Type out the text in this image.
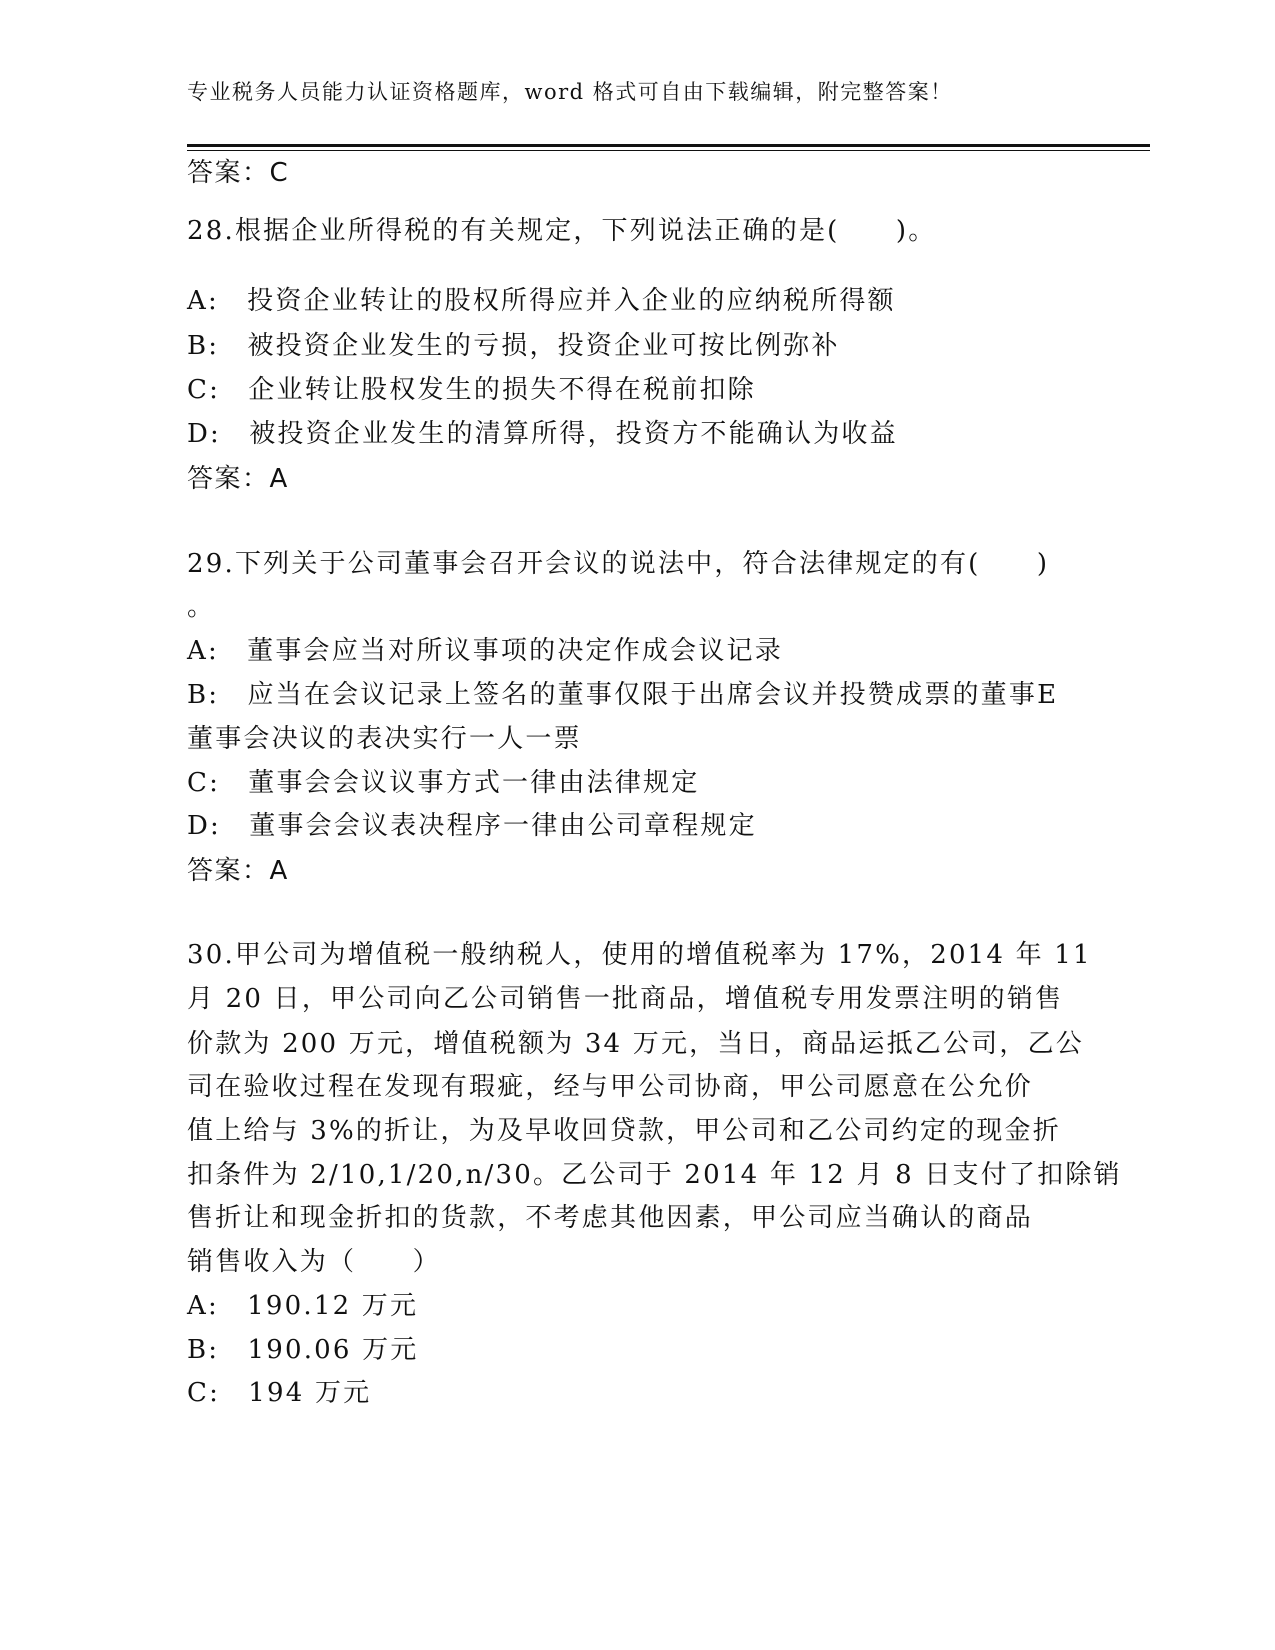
专业税务人员能力认证资格题库，word 格式可自由下载编辑，附完整答案！
答案：C
28.根据企业所得税的有关规定，下列说法正确的是(　　)。
A:　投资企业转让的股权所得应并入企业的应纳税所得额
B:　被投资企业发生的亏损，投资企业可按比例弥补
C:　企业转让股权发生的损失不得在税前扣除
D:　被投资企业发生的清算所得，投资方不能确认为收益
答案：A
29.下列关于公司董事会召开会议的说法中，符合法律规定的有(　　)
。
A:　董事会应当对所议事项的决定作成会议记录
B:　应当在会议记录上签名的董事仅限于出席会议并投赞成票的董事E
董事会决议的表决实行一人一票
C:　董事会会议议事方式一律由法律规定
D:　董事会会议表决程序一律由公司章程规定
答案：A
30.甲公司为增值税一般纳税人，使用的增值税率为 17%，2014 年 11
月 20 日，甲公司向乙公司销售一批商品，增值税专用发票注明的销售
价款为 200 万元，增值税额为 34 万元，当日，商品运抵乙公司，乙公
司在验收过程在发现有瑕疵，经与甲公司协商，甲公司愿意在公允价
值上给与 3%的折让，为及早收回贷款，甲公司和乙公司约定的现金折
扣条件为 2/10,1/20,n/30。乙公司于 2014 年 12 月 8 日支付了扣除销
售折让和现金折扣的货款，不考虑其他因素，甲公司应当确认的商品
销售收入为（　　）
A:　190.12 万元
B:　190.06 万元
C:　194 万元
